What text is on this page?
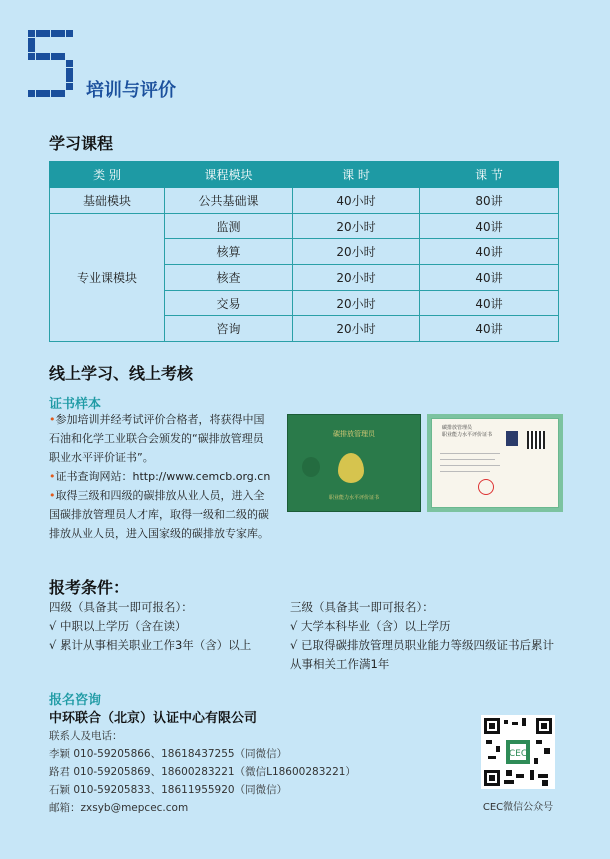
培训与评价
学习课程
类 别	课程模块	课 时	课 节
基础模块	公共基础课	40小时	80讲
专业课模块	监测	20小时	40讲
	核算	20小时	40讲
	核查	20小时	40讲
	交易	20小时	40讲
	咨询	20小时	40讲
线上学习、线上考核
证书样本
•参加培训并经考试评价合格者，将获得中国
石油和化学工业联合会颁发的“碳排放管理员
职业水平评价证书”。
•证书查询网站：http://www.cemcb.org.cn
•取得三级和四级的碳排放从业人员，进入全
国碳排放管理员人才库，取得一级和二级的碳
排放从业人员，进入国家级的碳排放专家库。
碳排放管理员
职业能力水平评价证书
碳排放管理员
职业能力水平评价证书
报考条件：
四级（具备其一即可报名）：
√ 中职以上学历（含在读）
√ 累计从事相关职业工作3年（含）以上
三级（具备其一即可报名）：
√ 大学本科毕业（含）以上学历
√ 已取得碳排放管理员职业能力等级四级证书后累计
从事相关工作满1年
报名咨询
中环联合（北京）认证中心有限公司
联系人及电话：
李颖 010-59205866、18618437255（同微信）
路君 010-59205869、18600283221（微信L18600283221）
石颖 010-59205833、18611955920（同微信）
邮箱：zxsyb@mepcec.com
CEC
CEC微信公众号
